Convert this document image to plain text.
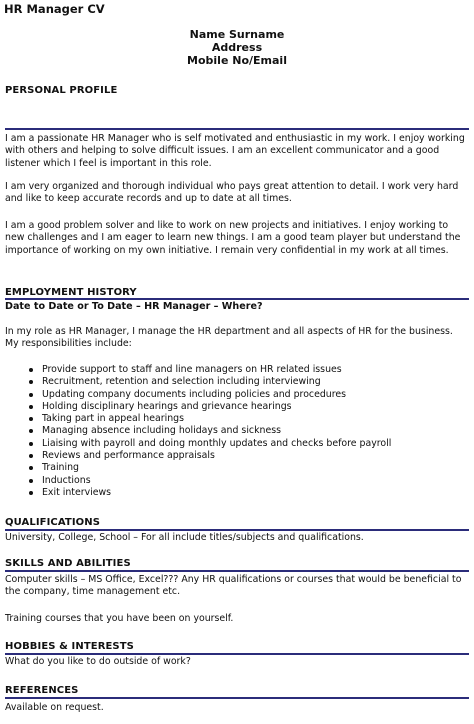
HR Manager CV
Name Surname
Address
Mobile No/Email
PERSONAL PROFILE

I am a passionate HR Manager who is self motivated and enthusiastic in my work. I enjoy working with others and helping to solve difficult issues. I am an excellent communicator and a good listener which I feel is important in this role.

I am very organized and thorough individual who pays great attention to detail. I work very hard and like to keep accurate records and up to date at all times.

I am a good problem solver and like to work on new projects and initiatives. I enjoy working to new challenges and I am eager to learn new things. I am a good team player but understand the importance of working on my own initiative. I remain very confidential in my work at all times.

EMPLOYMENT HISTORY
Date to Date or To Date – HR Manager – Where?

In my role as HR Manager, I manage the HR department and all aspects of HR for the business. My responsibilities include:

Provide support to staff and line managers on HR related issues
Recruitment, retention and selection including interviewing
Updating company documents including policies and procedures
Holding disciplinary hearings and grievance hearings
Taking part in appeal hearings
Managing absence including holidays and sickness
Liaising with payroll and doing monthly updates and checks before payroll
Reviews and performance appraisals
Training
Inductions
Exit interviews
QUALIFICATIONS

University, College, School – For all include titles/subjects and qualifications.

SKILLS AND ABILITIES

Computer skills – MS Office, Excel??? Any HR qualifications or courses that would be beneficial to the company, time management etc.

Training courses that you have been on yourself.

HOBBIES & INTERESTS

What do you like to do outside of work?

REFERENCES

Available on request.
